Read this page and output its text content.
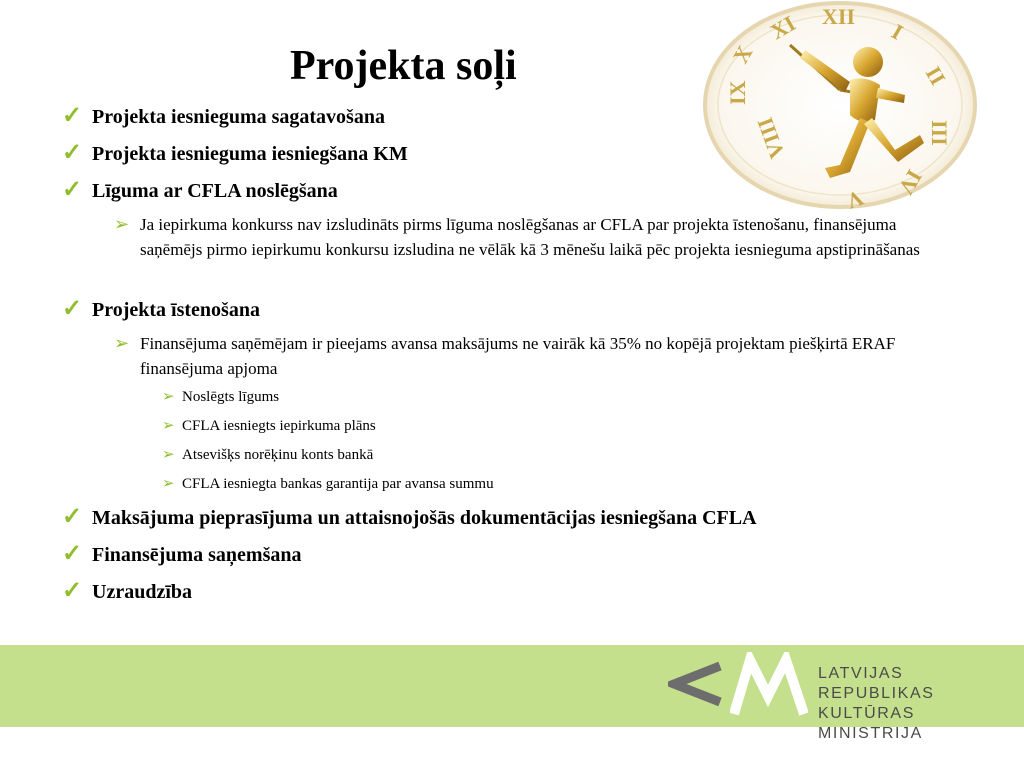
Projekta soļi
XI XII
I
II
III
IV
V
VIII
IX
X
✓ Projekta iesnieguma sagatavošana
✓ Projekta iesnieguma iesniegšana KM
✓ Līguma ar CFLA noslēgšana
➢ Ja iepirkuma konkurss nav izsludināts pirms līguma noslēgšanas ar CFLA par projekta īstenošanu, finansējuma saņēmējs pirmo iepirkumu konkursu izsludina ne vēlāk kā 3 mēnešu laikā pēc projekta iesnieguma apstiprināšanas
✓ Projekta īstenošana
➢ Finansējuma saņēmējam ir pieejams avansa maksājums ne vairāk kā 35% no kopējā projektam piešķirtā ERAF finansējuma apjoma
➢ Noslēgts līgums
➢ CFLA iesniegts iepirkuma plāns
➢ Atsevišķs norēķinu konts bankā
➢ CFLA iesniegta bankas garantija par avansa summu
✓ Maksājuma pieprasījuma un attaisnojošās dokumentācijas iesniegšana CFLA
✓ Finansējuma saņemšana
✓ Uzraudzība
LATVIJAS REPUBLIKAS
KULTŪRAS MINISTRIJA
